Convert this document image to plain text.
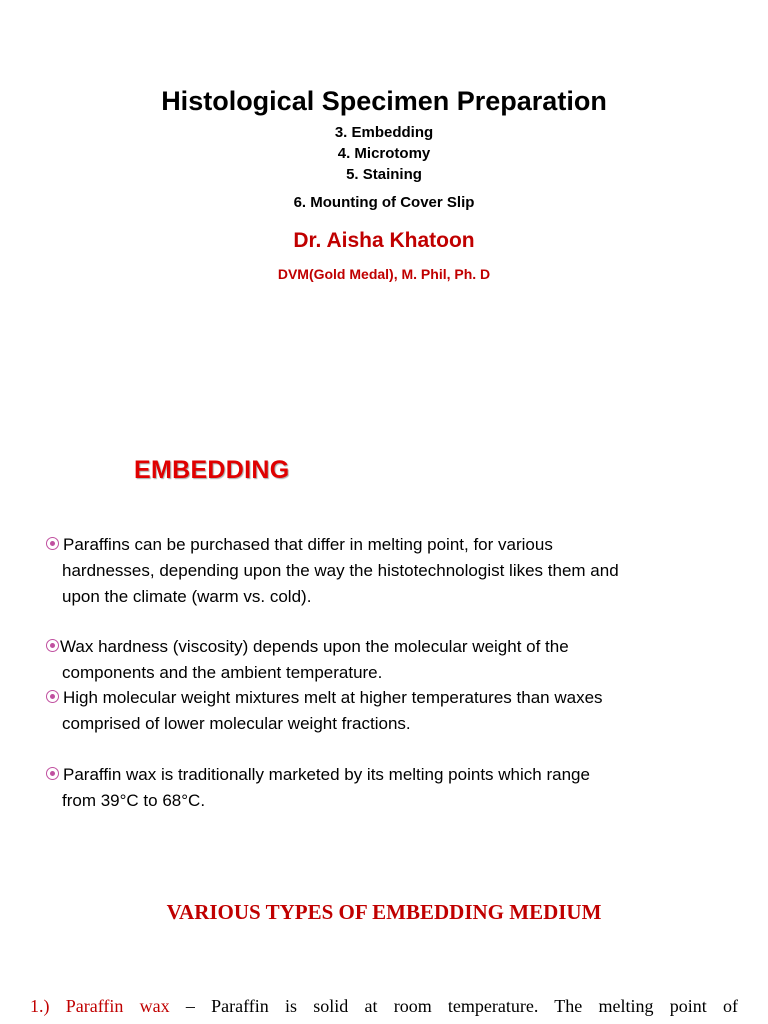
Histological Specimen Preparation
3. Embedding
4. Microtomy
5. Staining
6. Mounting of Cover Slip
Dr. Aisha Khatoon
DVM(Gold Medal), M. Phil, Ph. D
EMBEDDING
Paraffins can be purchased that differ in melting point, for various
hardnesses, depending upon the way the histotechnologist likes them and
upon the climate (warm vs. cold).
Wax hardness (viscosity) depends upon the molecular weight of the
components and the ambient temperature.
High molecular weight mixtures melt at higher temperatures than waxes
comprised of lower molecular weight fractions.
Paraffin wax is traditionally marketed by its melting points which range
from 39°C to 68°C.
VARIOUS TYPES OF EMBEDDING MEDIUM
1.) Paraffin wax – Paraffin is solid at room temperature. The melting point of
